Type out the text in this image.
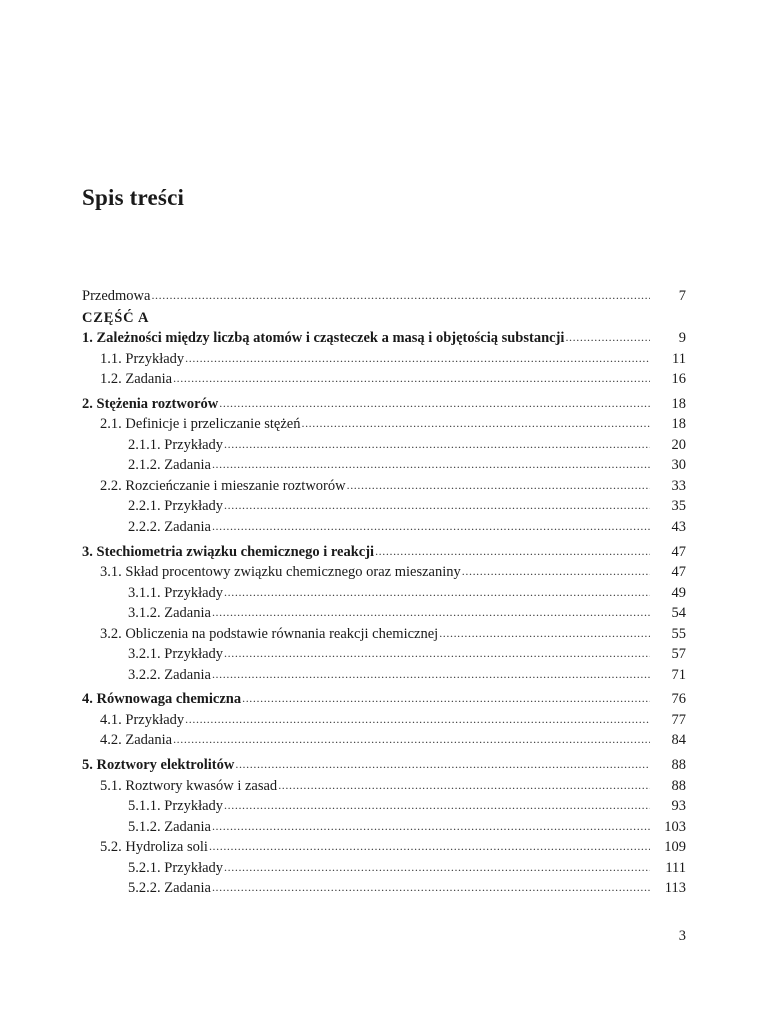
Spis treści
Przedmowa .....	7
CZĘŚĆ A
1. Zależności między liczbą atomów i cząsteczek a masą i objętością substancji .....	9
1.1. Przykłady .....	11
1.2. Zadania .....	16
2. Stężenia roztworów .....	18
2.1. Definicje i przeliczanie stężeń .....	18
2.1.1. Przykłady .....	20
2.1.2. Zadania .....	30
2.2. Rozcieńczanie i mieszanie roztworów .....	33
2.2.1. Przykłady .....	35
2.2.2. Zadania .....	43
3. Stechiometria związku chemicznego i reakcji .....	47
3.1. Skład procentowy związku chemicznego oraz mieszaniny .....	47
3.1.1. Przykłady .....	49
3.1.2. Zadania .....	54
3.2. Obliczenia na podstawie równania reakcji chemicznej .....	55
3.2.1. Przykłady .....	57
3.2.2. Zadania .....	71
4. Równowaga chemiczna .....	76
4.1. Przykłady .....	77
4.2. Zadania .....	84
5. Roztwory elektrolitów .....	88
5.1. Roztwory kwasów i zasad .....	88
5.1.1. Przykłady .....	93
5.1.2. Zadania .....	103
5.2. Hydroliza soli .....	109
5.2.1. Przykłady .....	111
5.2.2. Zadania .....	113
3
